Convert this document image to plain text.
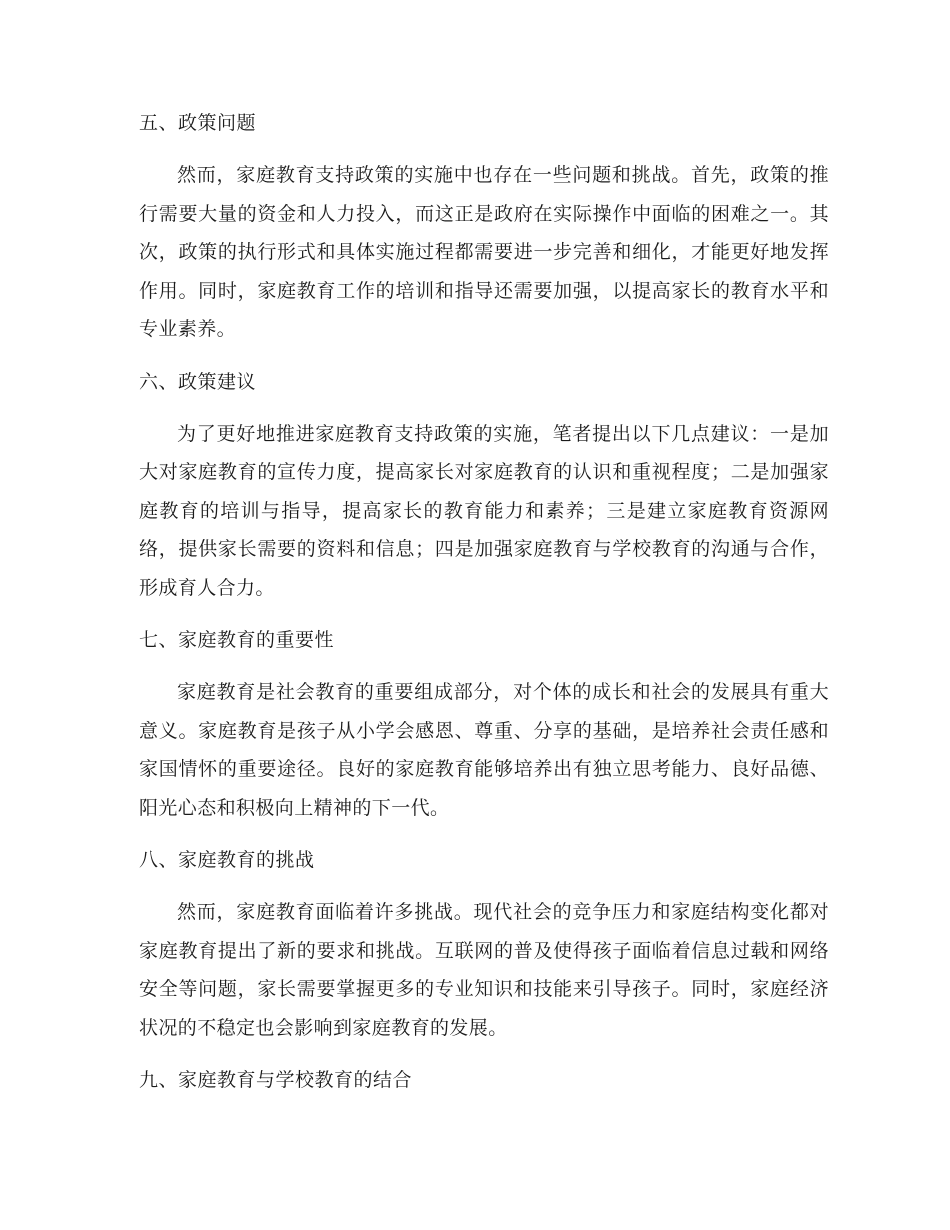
五、政策问题

然而，家庭教育支持政策的实施中也存在一些问题和挑战。首先，政策的推行需要大量的资金和人力投入，而这正是政府在实际操作中面临的困难之一。其次，政策的执行形式和具体实施过程都需要进一步完善和细化，才能更好地发挥作用。同时，家庭教育工作的培训和指导还需要加强，以提高家长的教育水平和专业素养。

六、政策建议

为了更好地推进家庭教育支持政策的实施，笔者提出以下几点建议：一是加大对家庭教育的宣传力度，提高家长对家庭教育的认识和重视程度；二是加强家庭教育的培训与指导，提高家长的教育能力和素养；三是建立家庭教育资源网络，提供家长需要的资料和信息；四是加强家庭教育与学校教育的沟通与合作，形成育人合力。

七、家庭教育的重要性

家庭教育是社会教育的重要组成部分，对个体的成长和社会的发展具有重大意义。家庭教育是孩子从小学会感恩、尊重、分享的基础，是培养社会责任感和家国情怀的重要途径。良好的家庭教育能够培养出有独立思考能力、良好品德、阳光心态和积极向上精神的下一代。

八、家庭教育的挑战

然而，家庭教育面临着许多挑战。现代社会的竞争压力和家庭结构变化都对家庭教育提出了新的要求和挑战。互联网的普及使得孩子面临着信息过载和网络安全等问题，家长需要掌握更多的专业知识和技能来引导孩子。同时，家庭经济状况的不稳定也会影响到家庭教育的发展。

九、家庭教育与学校教育的结合
